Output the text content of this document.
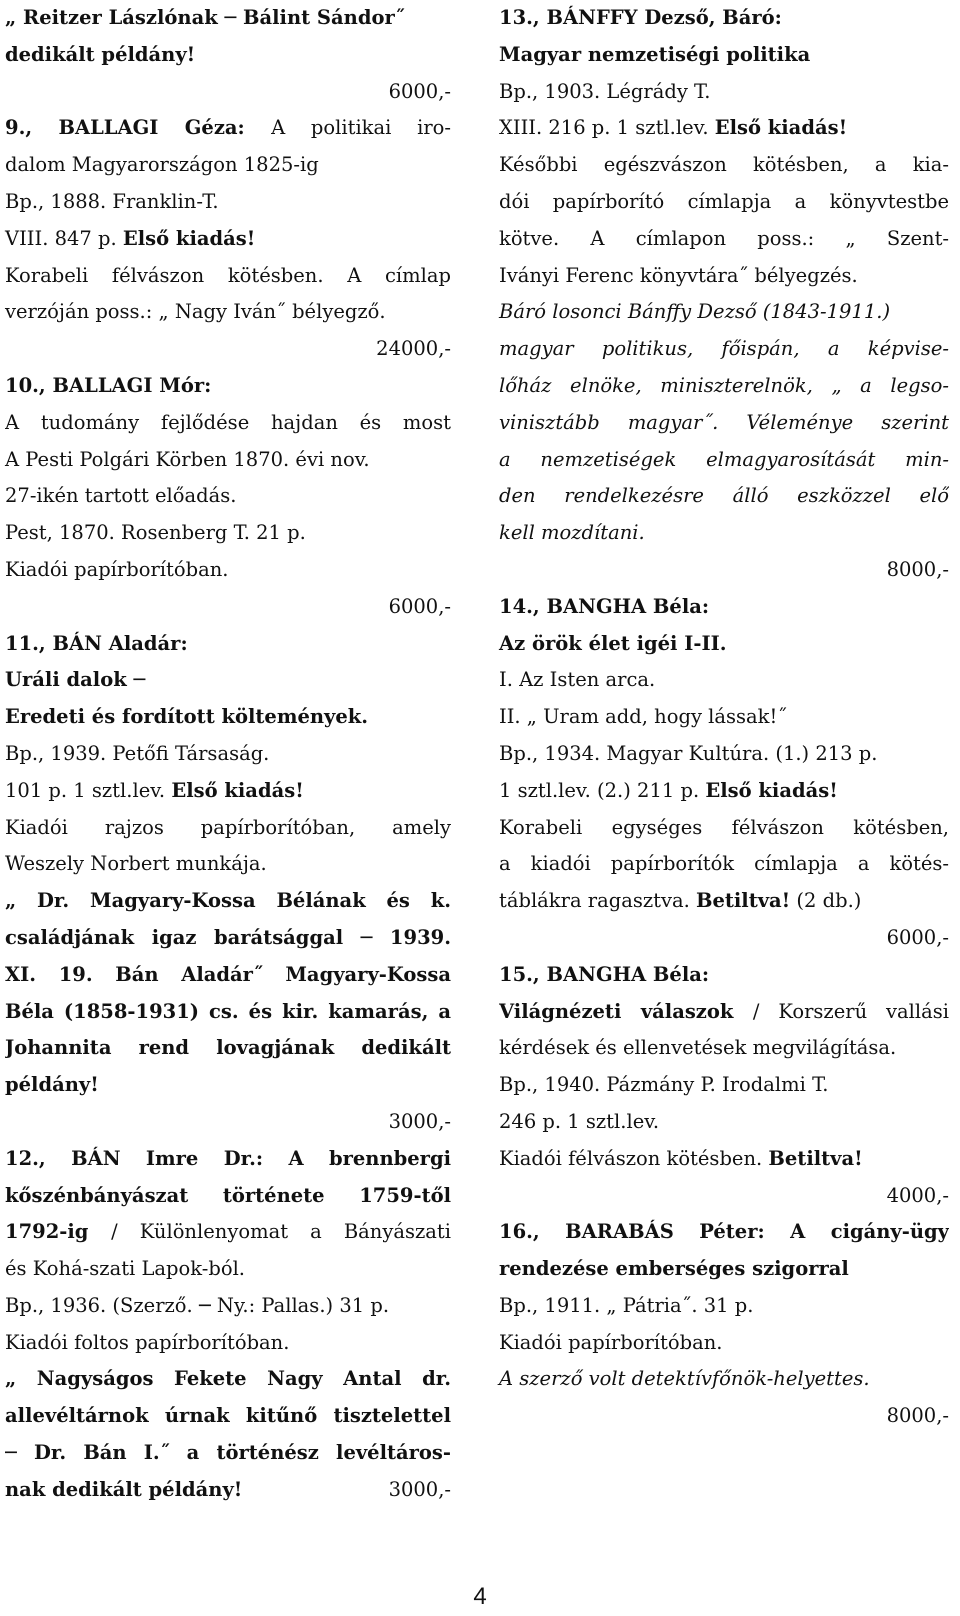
„ Reitzer Lászlónak ─ Bálint Sándor˝
dedikált példány!
6000,-
9., BALLAGI Géza: A politikai iro-
dalom Magyarországon 1825-ig
Bp., 1888. Franklin-T.
VIII. 847 p. Első kiadás!
Korabeli félvászon kötésben. A címlap
verzóján poss.: „ Nagy Iván˝ bélyegző.
24000,-
10., BALLAGI Mór:
A tudomány fejlődése hajdan és most
A Pesti Polgári Körben 1870. évi nov.
27-ikén tartott előadás.
Pest, 1870. Rosenberg T. 21 p.
Kiadói papírborítóban.
6000,-
11., BÁN Aladár:
Uráli dalok ─
Eredeti és fordított költemények.
Bp., 1939. Petőfi Társaság.
101 p. 1 sztl.lev. Első kiadás!
Kiadói rajzos papírborítóban, amely
Weszely Norbert munkája.
„ Dr. Magyary-Kossa Bélának és k.
családjának igaz barátsággal ─ 1939.
XI. 19. Bán Aladár˝ Magyary-Kossa
Béla (1858-1931) cs. és kir. kamarás, a
Johannita rend lovagjának dedikált
példány!
3000,-
12., BÁN Imre Dr.: A brennbergi
kőszénbányászat története 1759-től
1792-ig / Különlenyomat a Bányászati
és Kohá-szati Lapok-ból.
Bp., 1936. (Szerző. ─ Ny.: Pallas.) 31 p.
Kiadói foltos papírborítóban.
„ Nagyságos Fekete Nagy Antal dr.
allevéltárnok úrnak kitűnő tisztelettel
─ Dr. Bán I.˝ a történész levéltáros-
nak dedikált példány!	3000,-
13., BÁNFFY Dezső, Báró:
Magyar nemzetiségi politika
Bp., 1903. Légrády T.
XIII. 216 p. 1 sztl.lev. Első kiadás!
Későbbi egészvászon kötésben, a kia-
dói papírborító címlapja a könyvtestbe
kötve. A címlapon poss.: „ Szent-
Iványi Ferenc könyvtára˝ bélyegzés.
Báró losonci Bánffy Dezső (1843-1911.)
magyar politikus, főispán, a képvise-
lőház elnöke, miniszterelnök, „ a legso-
vinisztább magyar˝. Véleménye szerint
a nemzetiségek elmagyarosítását min-
den rendelkezésre álló eszközzel elő
kell mozdítani.
8000,-
14., BANGHA Béla:
Az örök élet igéi I-II.
I. Az Isten arca.
II. „ Uram add, hogy lássak!˝
Bp., 1934. Magyar Kultúra. (1.) 213 p.
1 sztl.lev. (2.) 211 p. Első kiadás!
Korabeli egységes félvászon kötésben,
a kiadói papírborítók címlapja a kötés-
táblákra ragasztva. Betiltva! (2 db.)
6000,-
15., BANGHA Béla:
Világnézeti válaszok / Korszerű vallási
kérdések és ellenvetések megvilágítása.
Bp., 1940. Pázmány P. Irodalmi T.
246 p. 1 sztl.lev.
Kiadói félvászon kötésben. Betiltva!
4000,-
16., BARABÁS Péter: A cigány-ügy
rendezése emberséges szigorral
Bp., 1911. „ Pátria˝. 31 p.
Kiadói papírborítóban.
A szerző volt detektívfőnök-helyettes.
8000,-
4
